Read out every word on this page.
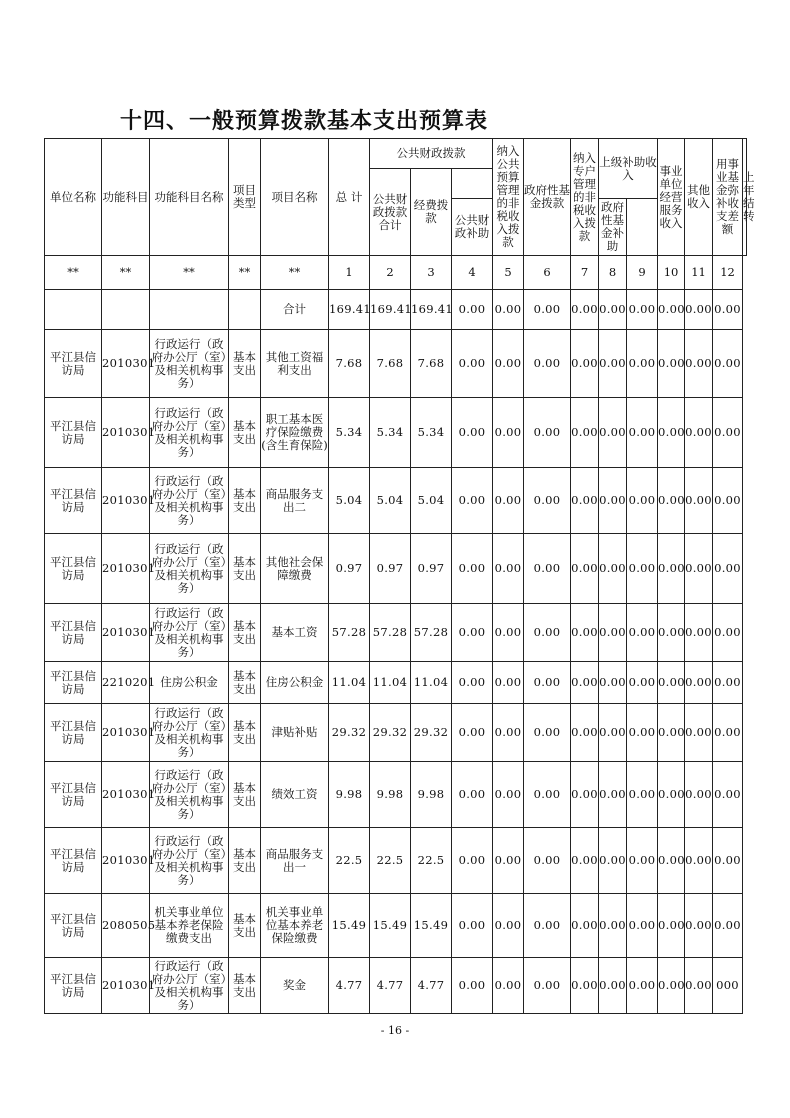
十四、一般预算拨款基本支出预算表
单位名称	功能科目	功能科目名称	项目类型	项目名称	总 计	公共财政拨款			纳入公共预算管理的非税收入拨款	政府性基金拨款	纳入专户管理的非税收入拨款	上级补助收入		事业单位经营服务收入	其他收入	用事业基金弥补收支差额	上年结转
						公共财政拨款合计	经费拨款										
								公共财政补助				政府性基金补助					
**	**	**	**	**	1	2	3	4	5	6	7	8	9	10	11	12	
				合计	169.41	169.41	169.41	0.00	0.00	0.00	0.00	0.00	0.00	0.00	0.00	0.00	
平江县信访局	2010301	行政运行（政府办公厅（室）及相关机构事务）	基本支出	其他工资福利支出	7.68	7.68	7.68	0.00	0.00	0.00	0.00	0.00	0.00	0.00	0.00	0.00	
平江县信访局	2010301	行政运行（政府办公厅（室）及相关机构事务）	基本支出	职工基本医疗保险缴费(含生育保险)	5.34	5.34	5.34	0.00	0.00	0.00	0.00	0.00	0.00	0.00	0.00	0.00	
平江县信访局	2010301	行政运行（政府办公厅（室）及相关机构事务）	基本支出	商品服务支出二	5.04	5.04	5.04	0.00	0.00	0.00	0.00	0.00	0.00	0.00	0.00	0.00	
平江县信访局	2010301	行政运行（政府办公厅（室）及相关机构事务）	基本支出	其他社会保障缴费	0.97	0.97	0.97	0.00	0.00	0.00	0.00	0.00	0.00	0.00	0.00	0.00	
平江县信访局	2010301	行政运行（政府办公厅（室）及相关机构事务）	基本支出	基本工资	57.28	57.28	57.28	0.00	0.00	0.00	0.00	0.00	0.00	0.00	0.00	0.00	
平江县信访局	2210201	住房公积金	基本支出	住房公积金	11.04	11.04	11.04	0.00	0.00	0.00	0.00	0.00	0.00	0.00	0.00	0.00	
平江县信访局	2010301	行政运行（政府办公厅（室）及相关机构事务）	基本支出	津贴补贴	29.32	29.32	29.32	0.00	0.00	0.00	0.00	0.00	0.00	0.00	0.00	0.00	
平江县信访局	2010301	行政运行（政府办公厅（室）及相关机构事务）	基本支出	绩效工资	9.98	9.98	9.98	0.00	0.00	0.00	0.00	0.00	0.00	0.00	0.00	0.00	
平江县信访局	2010301	行政运行（政府办公厅（室）及相关机构事务）	基本支出	商品服务支出一	22.5	22.5	22.5	0.00	0.00	0.00	0.00	0.00	0.00	0.00	0.00	0.00	
平江县信访局	2080505	机关事业单位基本养老保险缴费支出	基本支出	机关事业单位基本养老保险缴费	15.49	15.49	15.49	0.00	0.00	0.00	0.00	0.00	0.00	0.00	0.00	0.00	
平江县信访局	2010301	行政运行（政府办公厅（室）及相关机构事务）	基本支出	奖金	4.77	4.77	4.77	0.00	0.00	0.00	0.00	0.00	0.00	0.00	0.00	000	
- 16 -
